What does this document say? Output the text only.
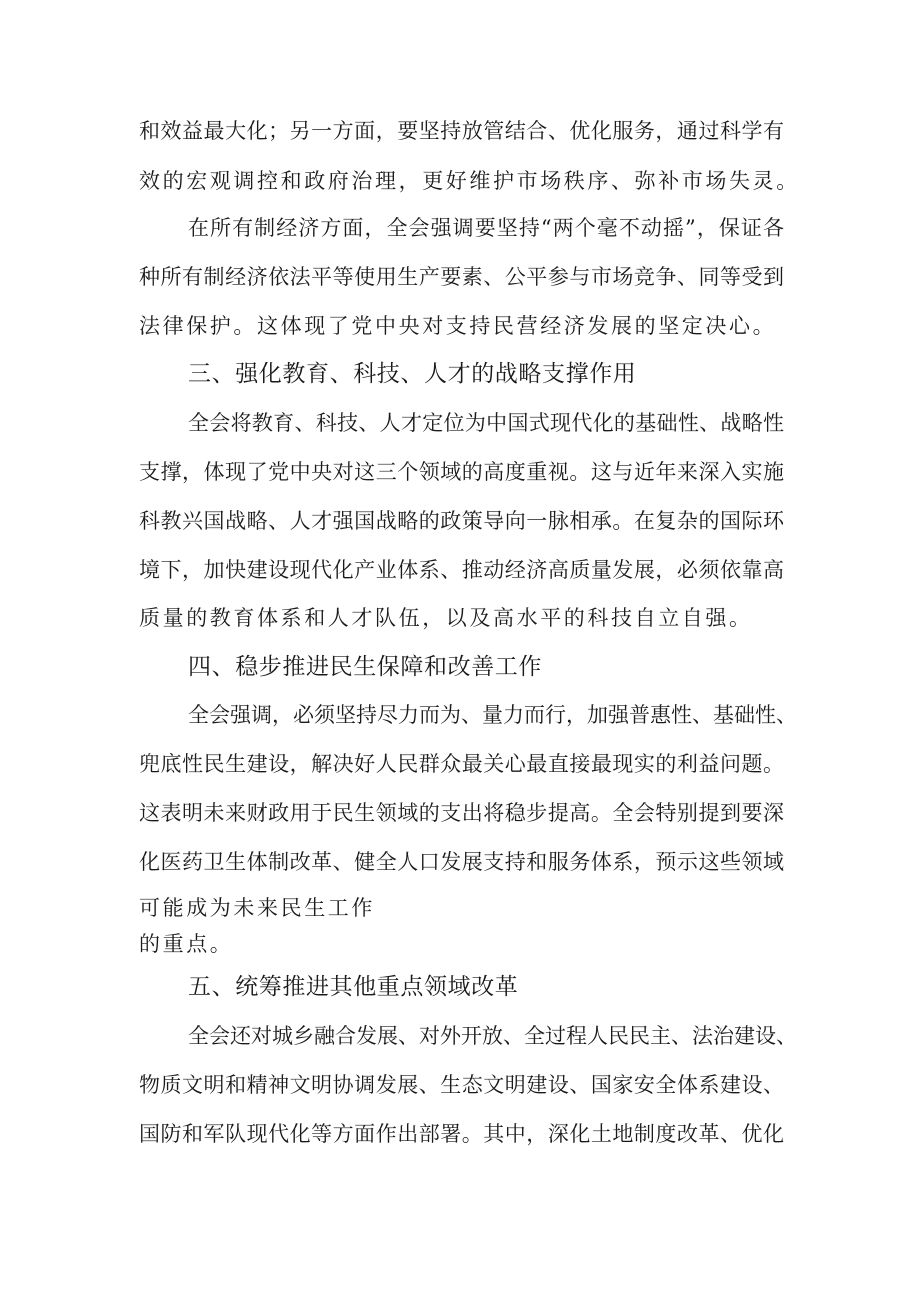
和效益最大化；另一方面，要坚持放管结合、优化服务，通过科学有
效的宏观调控和政府治理，更好维护市场秩序、弥补市场失灵。
在所有制经济方面，全会强调要坚持“两个毫不动摇”，保证各
种所有制经济依法平等使用生产要素、公平参与市场竞争、同等受到
法律保护。这体现了党中央对支持民营经济发展的坚定决心。
三、强化教育、科技、人才的战略支撑作用
全会将教育、科技、人才定位为中国式现代化的基础性、战略性
支撑，体现了党中央对这三个领域的高度重视。这与近年来深入实施
科教兴国战略、人才强国战略的政策导向一脉相承。在复杂的国际环
境下，加快建设现代化产业体系、推动经济高质量发展，必须依靠高
质量的教育体系和人才队伍，以及高水平的科技自立自强。
四、稳步推进民生保障和改善工作
全会强调，必须坚持尽力而为、量力而行，加强普惠性、基础性、
兜底性民生建设，解决好人民群众最关心最直接最现实的利益问题。
这表明未来财政用于民生领域的支出将稳步提高。全会特别提到要深
化医药卫生体制改革、健全人口发展支持和服务体系，预示这些领域
可能成为未来民生工作
的重点。
五、统筹推进其他重点领域改革
全会还对城乡融合发展、对外开放、全过程人民民主、法治建设、
物质文明和精神文明协调发展、生态文明建设、国家安全体系建设、
国防和军队现代化等方面作出部署。其中，深化土地制度改革、优化
